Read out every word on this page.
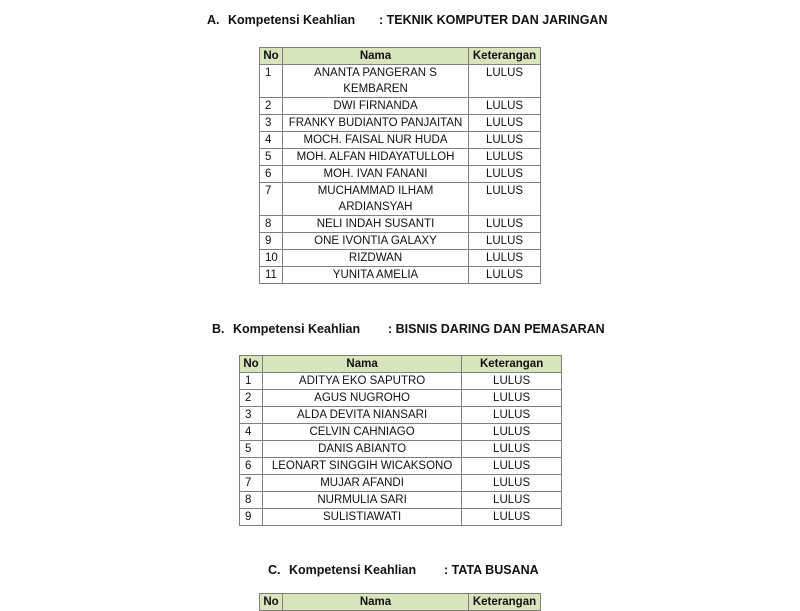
A. Kompetensi Keahlian : TEKNIK KOMPUTER DAN JARINGAN
No	Nama	Keterangan
1	ANANTA PANGERAN S KEMBAREN	LULUS
2	DWI FIRNANDA	LULUS
3	FRANKY BUDIANTO PANJAITAN	LULUS
4	MOCH. FAISAL NUR HUDA	LULUS
5	MOH. ALFAN HIDAYATULLOH	LULUS
6	MOH. IVAN FANANI	LULUS
7	MUCHAMMAD ILHAM ARDIANSYAH	LULUS
8	NELI INDAH SUSANTI	LULUS
9	ONE IVONTIA GALAXY	LULUS
10	RIZDWAN	LULUS
11	YUNITA AMELIA	LULUS
B. Kompetensi Keahlian : BISNIS DARING DAN PEMASARAN
No	Nama	Keterangan
1	ADITYA EKO SAPUTRO	LULUS
2	AGUS NUGROHO	LULUS
3	ALDA DEVITA NIANSARI	LULUS
4	CELVIN CAHNIAGO	LULUS
5	DANIS ABIANTO	LULUS
6	LEONART SINGGIH WICAKSONO	LULUS
7	MUJAR AFANDI	LULUS
8	NURMULIA SARI	LULUS
9	SULISTIAWATI	LULUS
C. Kompetensi Keahlian : TATA BUSANA
No	Nama	Keterangan
